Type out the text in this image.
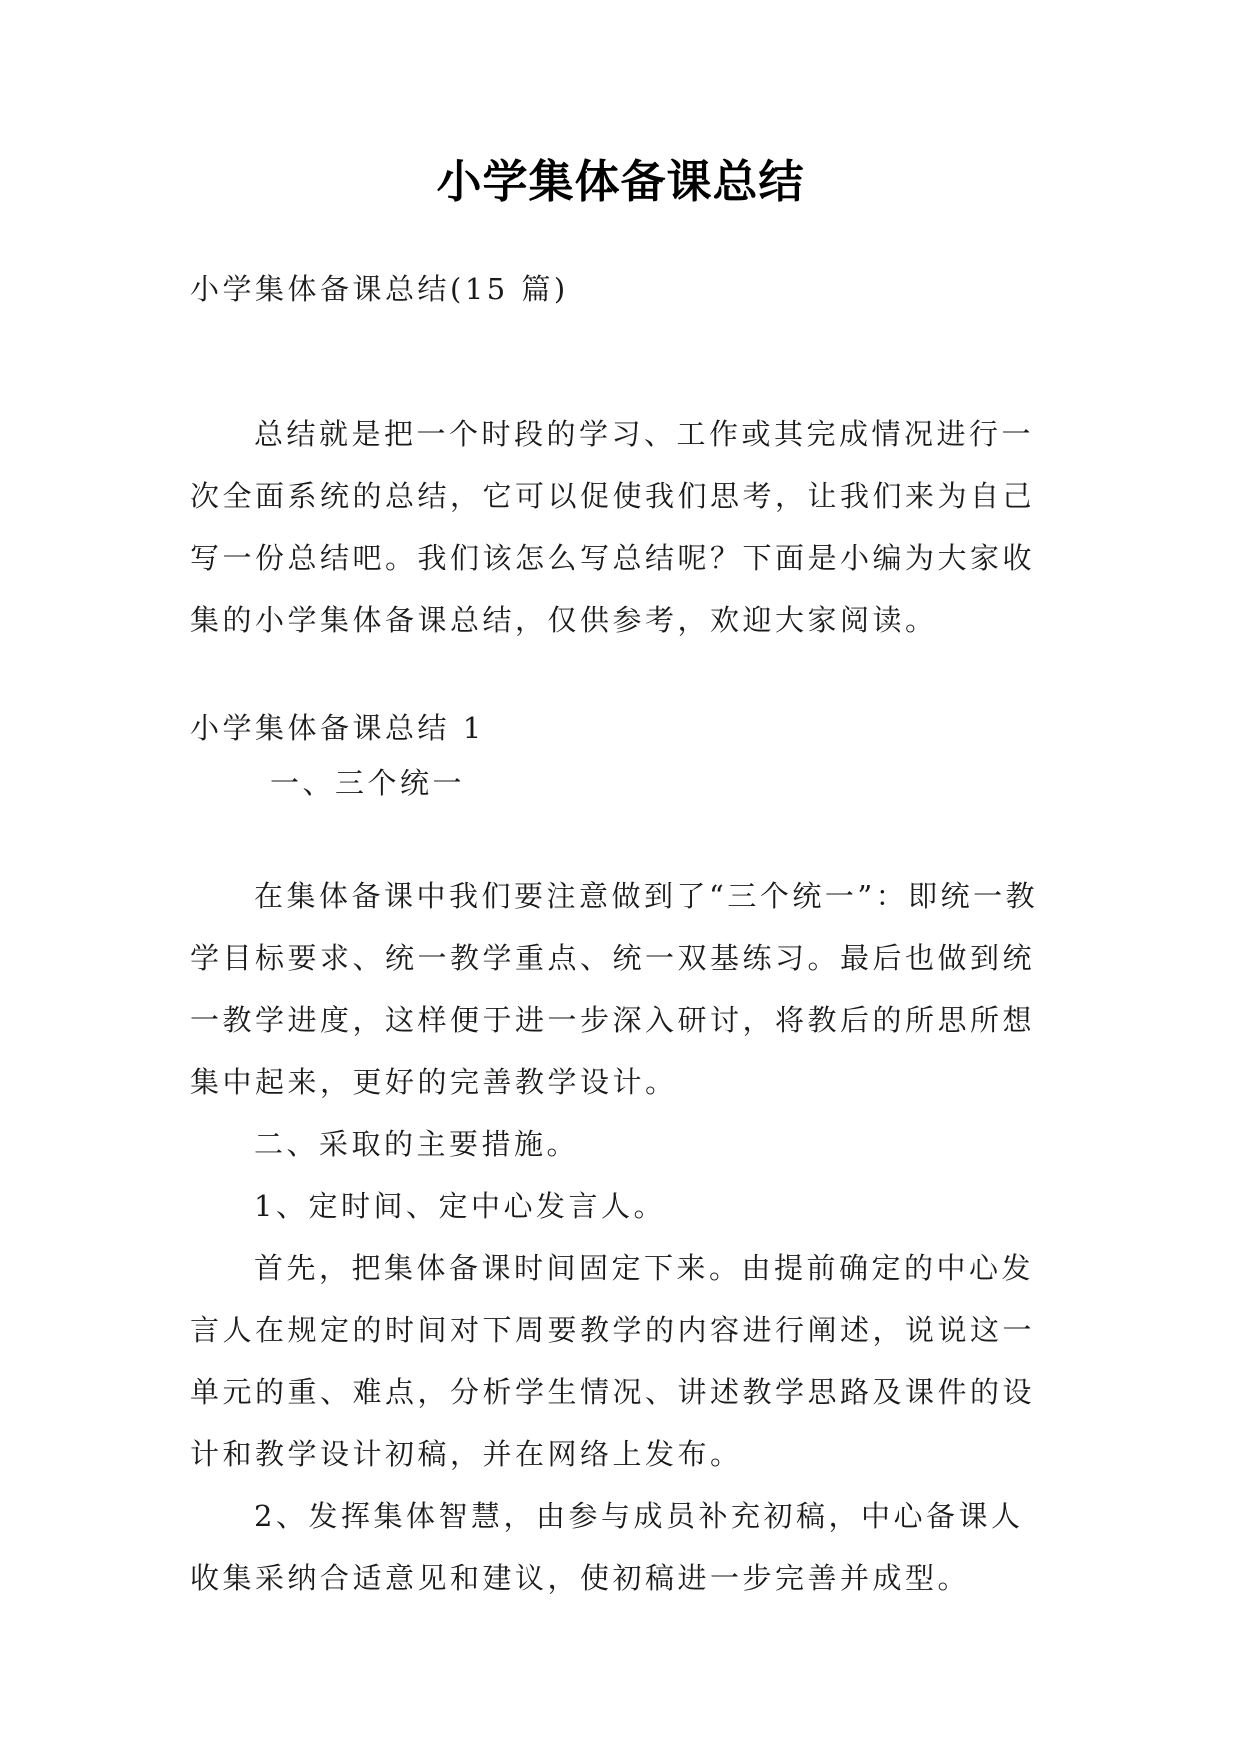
小学集体备课总结
小学集体备课总结(15 篇)
总结就是把一个时段的学习、工作或其完成情况进行一次全面系统的总结，它可以促使我们思考，让我们来为自己写一份总结吧。我们该怎么写总结呢？下面是小编为大家收集的小学集体备课总结，仅供参考，欢迎大家阅读。
小学集体备课总结 1
一、三个统一

在集体备课中我们要注意做到了“三个统一”：即统一教学目标要求、统一教学重点、统一双基练习。最后也做到统一教学进度，这样便于进一步深入研讨，将教后的所思所想集中起来，更好的完善教学设计。

二、采取的主要措施。

1、定时间、定中心发言人。

首先，把集体备课时间固定下来。由提前确定的中心发言人在规定的时间对下周要教学的内容进行阐述，说说这一单元的重、难点，分析学生情况、讲述教学思路及课件的设计和教学设计初稿，并在网络上发布。

2、发挥集体智慧，由参与成员补充初稿，中心备课人收集采纳合适意见和建议，使初稿进一步完善并成型。
